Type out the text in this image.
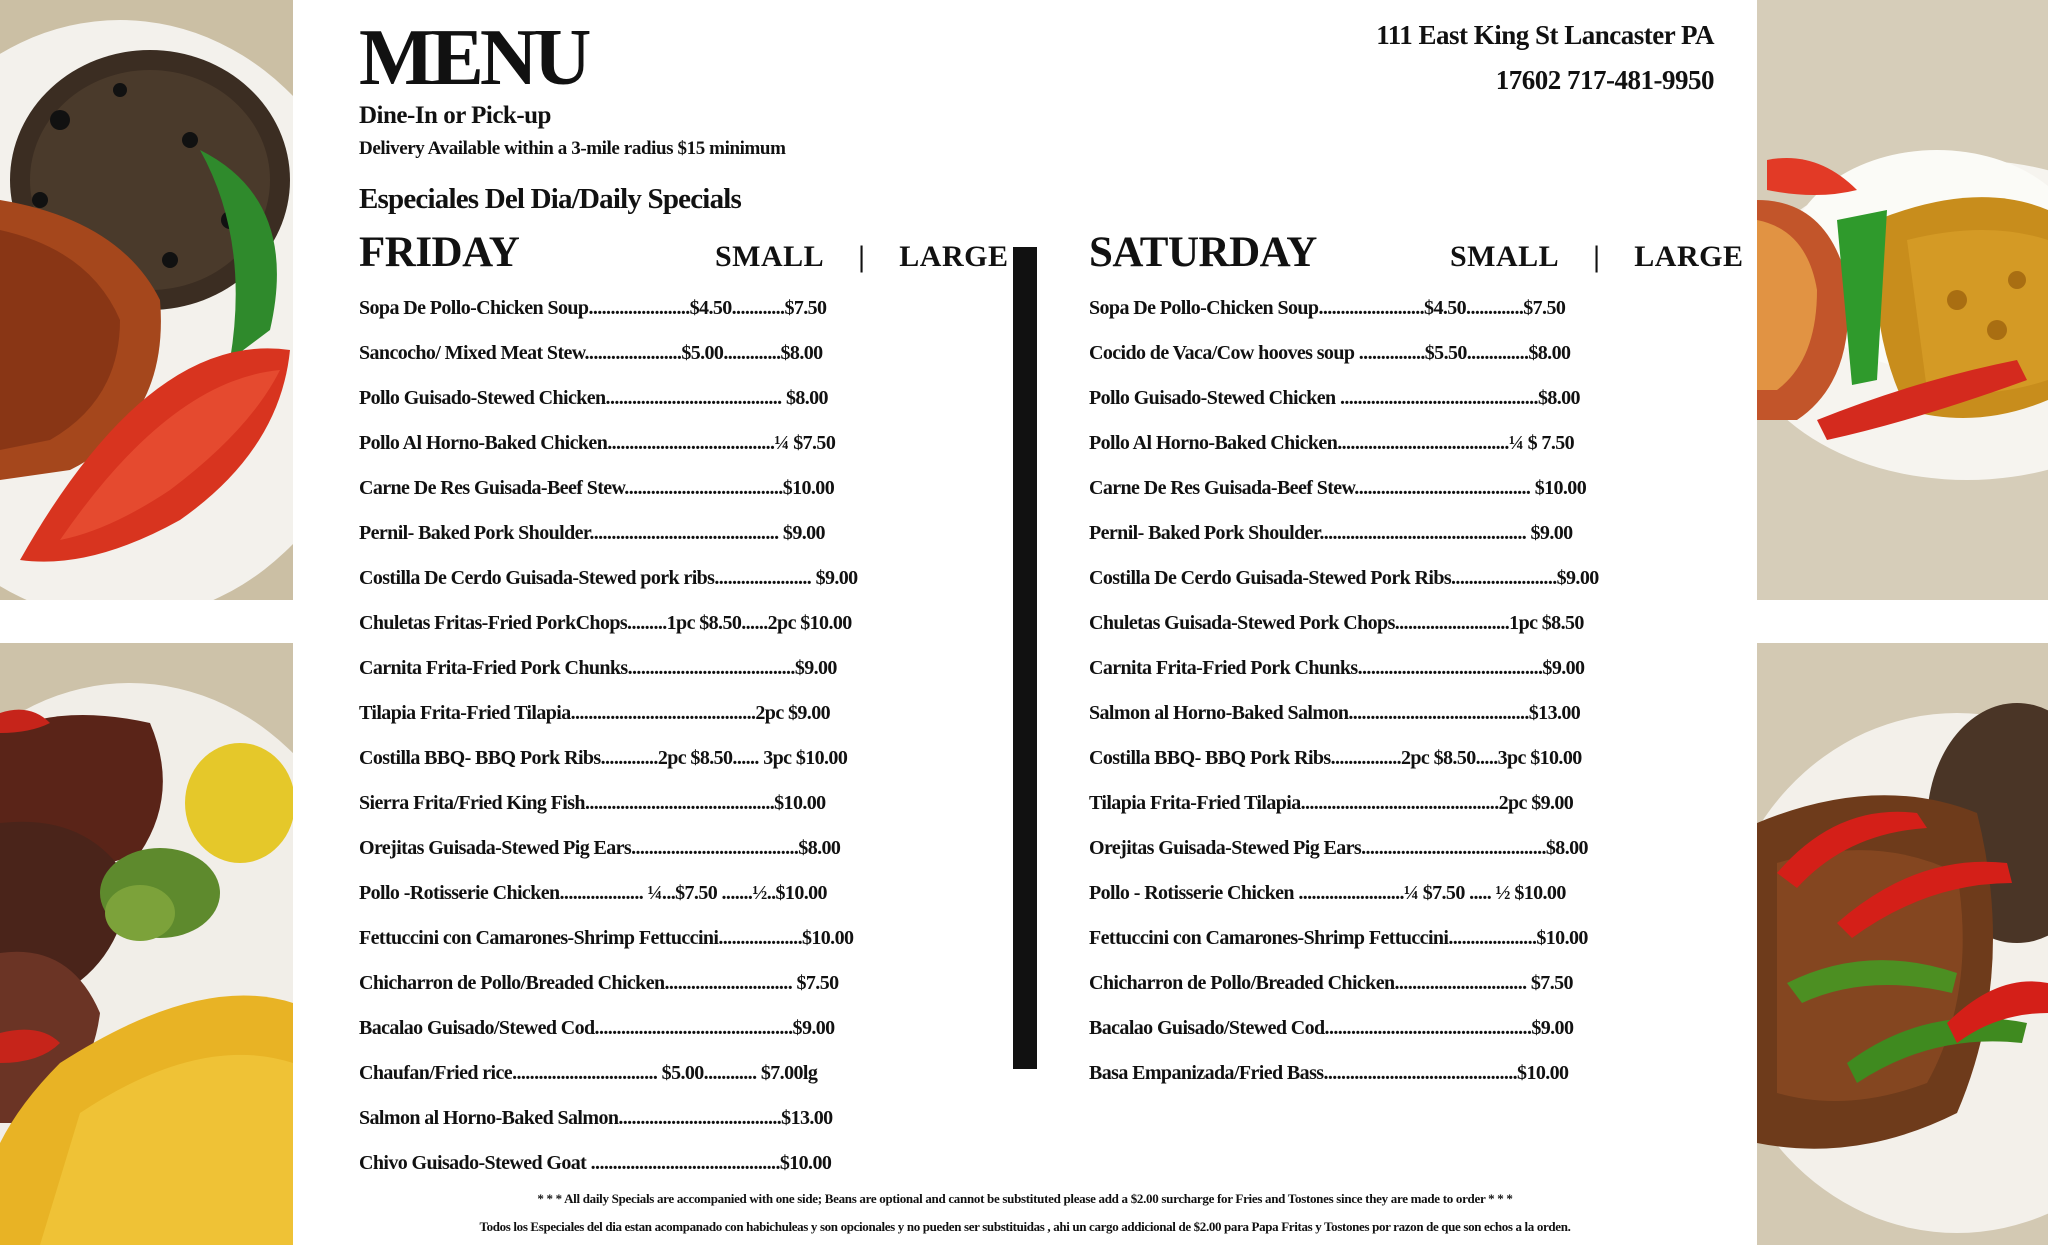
MENU	111 East King St Lancaster PA
17602 717-481-9950
Dine-In or Pick-up
Delivery Available within a 3-mile radius $15 minimum
Especiales Del Dia/Daily Specials
FRIDAY	SMALL | LARGE
Sopa De Pollo-Chicken Soup.......................$4.50............$7.50
Sancocho/ Mixed Meat Stew......................$5.00.............$8.00
Pollo Guisado-Stewed Chicken........................................ $8.00
Pollo Al Horno-Baked Chicken......................................¼ $7.50
Carne De Res Guisada-Beef Stew....................................$10.00
Pernil- Baked Pork Shoulder........................................... $9.00
Costilla De Cerdo Guisada-Stewed pork ribs...................... $9.00
Chuletas Fritas-Fried PorkChops.........1pc $8.50......2pc $10.00
Carnita Frita-Fried Pork Chunks......................................$9.00
Tilapia Frita-Fried Tilapia..........................................2pc $9.00
Costilla BBQ- BBQ Pork Ribs.............2pc $8.50...... 3pc $10.00
Sierra Frita/Fried King Fish...........................................$10.00
Orejitas Guisada-Stewed Pig Ears......................................$8.00
Pollo -Rotisserie Chicken................... ¼...$7.50 .......½..$10.00
Fettuccini con Camarones-Shrimp Fettuccini...................$10.00
Chicharron de Pollo/Breaded Chicken............................. $7.50
Bacalao Guisado/Stewed Cod.............................................$9.00
Chaufan/Fried rice................................. $5.00............ $7.00lg
Salmon al Horno-Baked Salmon.....................................$13.00
Chivo Guisado-Stewed Goat ...........................................$10.00
SATURDAY	SMALL | LARGE
Sopa De Pollo-Chicken Soup........................$4.50.............$7.50
Cocido de Vaca/Cow hooves soup ...............$5.50..............$8.00
Pollo Guisado-Stewed Chicken .............................................$8.00
Pollo Al Horno-Baked Chicken.......................................¼ $ 7.50
Carne De Res Guisada-Beef Stew........................................ $10.00
Pernil- Baked Pork Shoulder............................................... $9.00
Costilla De Cerdo Guisada-Stewed Pork Ribs........................$9.00
Chuletas Guisada-Stewed Pork Chops..........................1pc $8.50
Carnita Frita-Fried Pork Chunks..........................................$9.00
Salmon al Horno-Baked Salmon.........................................$13.00
Costilla BBQ- BBQ Pork Ribs................2pc $8.50.....3pc $10.00
Tilapia Frita-Fried Tilapia.............................................2pc $9.00
Orejitas Guisada-Stewed Pig Ears..........................................$8.00
Pollo - Rotisserie Chicken ........................¼ $7.50 ..... ½ $10.00
Fettuccini con Camarones-Shrimp Fettuccini....................$10.00
Chicharron de Pollo/Breaded Chicken.............................. $7.50
Bacalao Guisado/Stewed Cod...............................................$9.00
Basa Empanizada/Fried Bass............................................$10.00
* * * All daily Specials are accompanied with one side; Beans are optional and cannot be substituted please add a $2.00 surcharge for Fries and Tostones since they are made to order * * *
Todos los Especiales del dia estan acompanado con habichuleas y son opcionales y no pueden ser substituidas , ahi un cargo addicional de $2.00 para Papa Fritas y Tostones por razon de que son echos a la orden.
